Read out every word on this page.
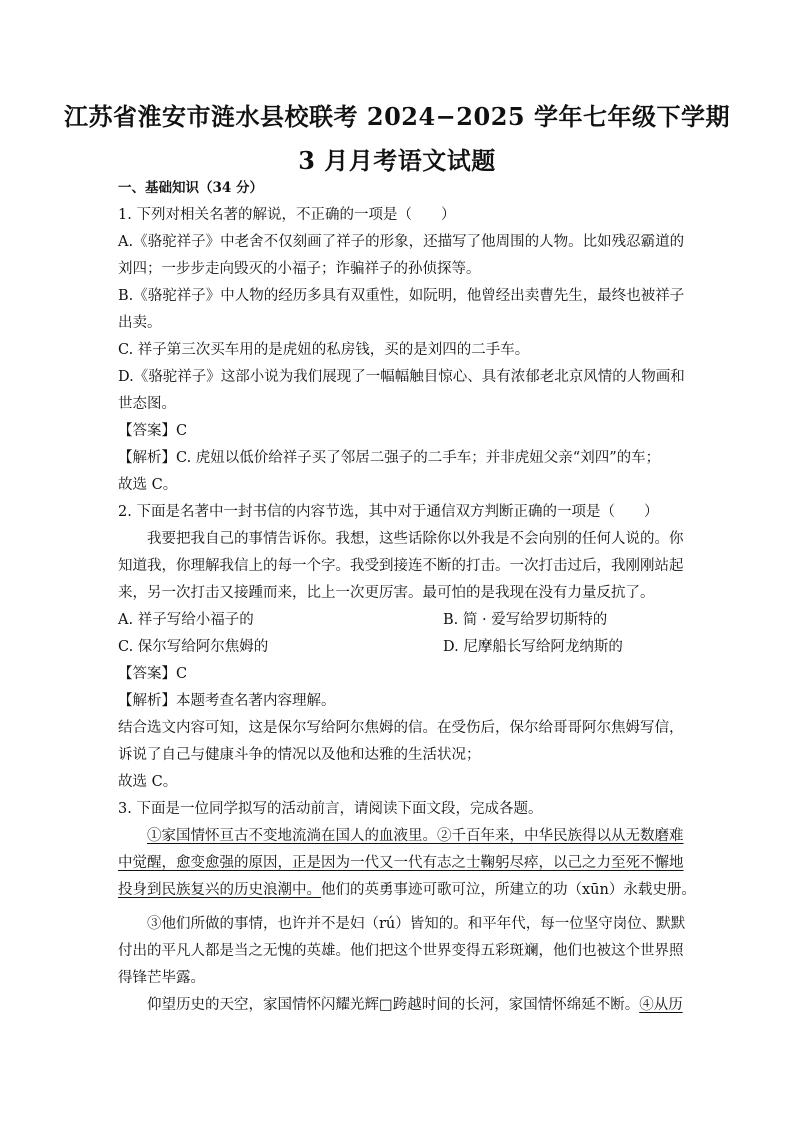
江苏省淮安市涟水县校联考 2024−2025 学年七年级下学期
3 月月考语文试题
一、基础知识（34 分）
1. 下列对相关名著的解说，不正确的一项是（　　）
A.《骆驼祥子》中老舍不仅刻画了祥子的形象，还描写了他周围的人物。比如残忍霸道的
刘四；一步步走向毁灭的小福子；诈骗祥子的孙侦探等。
B.《骆驼祥子》中人物的经历多具有双重性，如阮明，他曾经出卖曹先生，最终也被祥子
出卖。
C. 祥子第三次买车用的是虎妞的私房钱，买的是刘四的二手车。
D.《骆驼祥子》这部小说为我们展现了一幅幅触目惊心、具有浓郁老北京风情的人物画和
世态图。
【答案】C
【解析】C. 虎妞以低价给祥子买了邻居二强子的二手车；并非虎妞父亲“刘四”的车；
故选 C。
2. 下面是名著中一封书信的内容节选，其中对于通信双方判断正确的一项是（　　）
　　我要把我自己的事情告诉你。我想，这些话除你以外我是不会向别的任何人说的。你
知道我，你理解我信上的每一个字。我受到接连不断的打击。一次打击过后，我刚刚站起
来，另一次打击又接踵而来，比上一次更厉害。最可怕的是我现在没有力量反抗了。
A. 祥子写给小福子的	B. 简 · 爱写给罗切斯特的
C. 保尔写给阿尔焦姆的	D. 尼摩船长写给阿龙纳斯的
【答案】C
【解析】本题考查名著内容理解。
结合选文内容可知，这是保尔写给阿尔焦姆的信。在受伤后，保尔给哥哥阿尔焦姆写信，
诉说了自己与健康斗争的情况以及他和达雅的生活状况；
故选 C。
3. 下面是一位同学拟写的活动前言，请阅读下面文段，完成各题。
①家国情怀亘古不变地流淌在国人的血液里。②千百年来，中华民族得以从无数磨难
中觉醒，愈变愈强的原因，正是因为一代又一代有志之士鞠躬尽瘁，以己之力至死不懈地
投身到民族复兴的历史浪潮中。他们的英勇事迹可歌可泣，所建立的功（xūn）永载史册。
③他们所做的事情，也许并不是妇（rú）皆知的。和平年代，每一位坚守岗位、默默
付出的平凡人都是当之无愧的英雄。他们把这个世界变得五彩斑斓，他们也被这个世界照
得锋芒毕露。
仰望历史的天空，家国情怀闪耀光辉□跨越时间的长河，家国情怀绵延不断。④从历
